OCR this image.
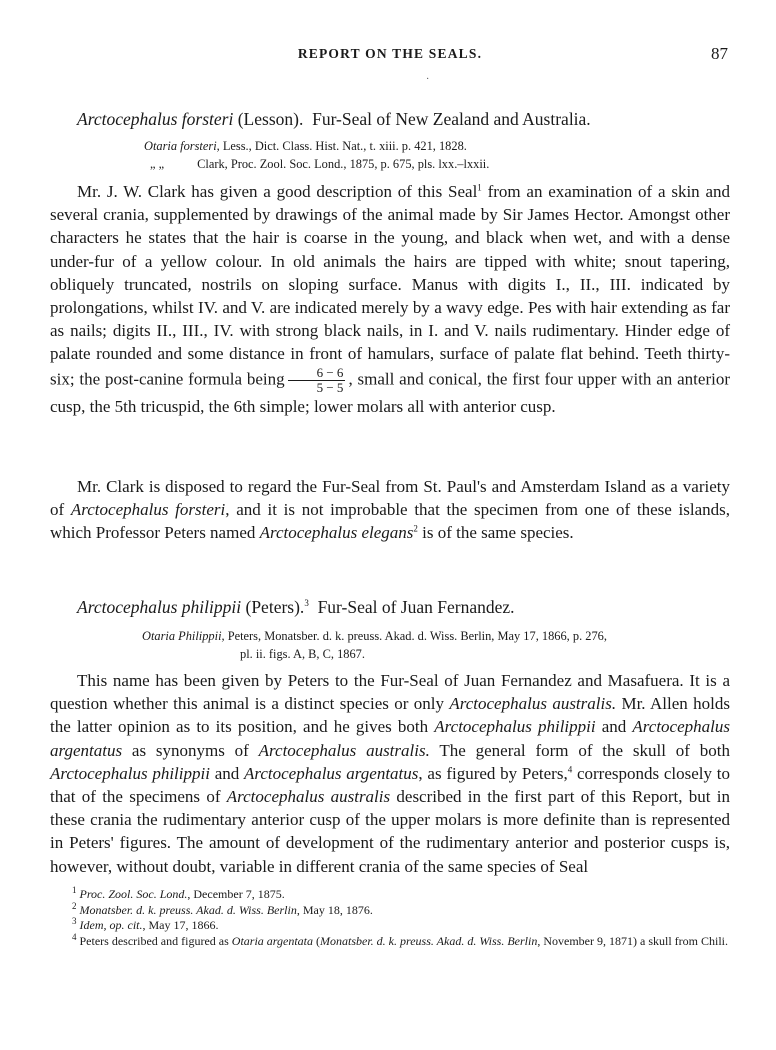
REPORT ON THE SEALS.	87
·
Arctocephalus forsteri (Lesson). Fur-Seal of New Zealand and Australia.
Otaria forsteri, Less., Dict. Class. Hist. Nat., t. xiii. p. 421, 1828.
„ „	Clark, Proc. Zool. Soc. Lond., 1875, p. 675, pls. lxx.–lxxii.
Mr. J. W. Clark has given a good description of this Seal$^1$ from an examination of a skin and several crania, supplemented by drawings of the animal made by Sir James Hector. Amongst other characters he states that the hair is coarse in the young, and black when wet, and with a dense under-fur of a yellow colour. In old animals the hairs are tipped with white; snout tapering, obliquely truncated, nostrils on sloping surface. Manus with digits I., II., III. indicated by prolongations, whilst IV. and V. are indicated merely by a wavy edge. Pes with hair extending as far as nails; digits II., III., IV. with strong black nails, in I. and V. nails rudimentary. Hinder edge of palate rounded and some distance in front of hamulars, surface of palate flat behind. Teeth thirty-six; the post-canine formula being $\frac{6 - 6}{5 - 5}$ , small and conical, the first four upper with an anterior cusp, the 5th tricuspid, the 6th simple; lower molars all with anterior cusp.
Mr. Clark is disposed to regard the Fur-Seal from St. Paul's and Amsterdam Island as a variety of Arctocephalus forsteri, and it is not improbable that the specimen from one of these islands, which Professor Peters named Arctocephalus elegans$^2$ is of the same species.
Arctocephalus philippii (Peters).$^3$ Fur-Seal of Juan Fernandez.
Otaria Philippii, Peters, Monatsber. d. k. preuss. Akad. d. Wiss. Berlin, May 17, 1866, p. 276,
pl. ii. figs. A, B, C, 1867.
This name has been given by Peters to the Fur-Seal of Juan Fernandez and Masafuera. It is a question whether this animal is a distinct species or only Arctocephalus australis. Mr. Allen holds the latter opinion as to its position, and he gives both Arctocephalus philippii and Arctocephalus argentatus as synonyms of Arctocephalus australis. The general form of the skull of both Arctocephalus philippii and Arctocephalus argentatus, as figured by Peters,$^4$ corresponds closely to that of the specimens of Arctocephalus australis described in the first part of this Report, but in these crania the rudimentary anterior cusp of the upper molars is more definite than is represented in Peters' figures. The amount of development of the rudimentary anterior and posterior cusps is, however, without doubt, variable in different crania of the same species of Seal
$^1$ Proc. Zool. Soc. Lond., December 7, 1875.
$^2$ Monatsber. d. k. preuss. Akad. d. Wiss. Berlin, May 18, 1876.
$^3$ Idem, op. cit., May 17, 1866.
$^4$ Peters described and figured as Otaria argentata (Monatsber. d. k. preuss. Akad. d. Wiss. Berlin, November 9, 1871) a skull from Chili.
